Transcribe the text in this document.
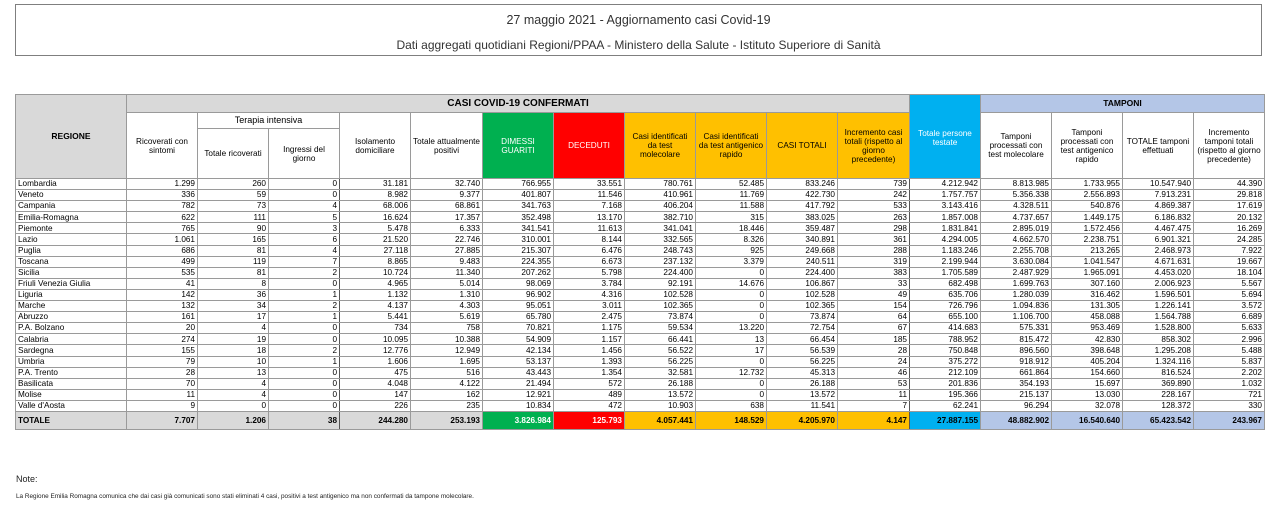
27 maggio 2021 - Aggiornamento casi Covid-19
Dati aggregati quotidiani Regioni/PPAA - Ministero della Salute - Istituto Superiore di Sanità
REGIONE	CASI COVID-19 CONFERMATI											Totale persone testate	TAMPONI			
	Ricoverati con sintomi	Terapia intensiva		Isolamento domiciliare	Totale attualmente positivi	DIMESSI GUARITI	DECEDUTI	Casi identificati da test molecolare	Casi identificati da test antigenico rapido	CASI TOTALI	Incremento casi totali (rispetto al giorno precedente)		Tamponi processati con test molecolare	Tamponi processati con test antigenico rapido	TOTALE tamponi effettuati	Incremento tamponi totali (rispetto al giorno precedente)
		Totale ricoverati	Ingressi del giorno													
Lombardia	1.299	260	0	31.181	32.740	766.955	33.551	780.761	52.485	833.246	739	4.212.942	8.813.985	1.733.955	10.547.940	44.390
Veneto	336	59	0	8.982	9.377	401.807	11.546	410.961	11.769	422.730	242	1.757.757	5.356.338	2.556.893	7.913.231	29.818
Campania	782	73	4	68.006	68.861	341.763	7.168	406.204	11.588	417.792	533	3.143.416	4.328.511	540.876	4.869.387	17.619
Emilia-Romagna	622	111	5	16.624	17.357	352.498	13.170	382.710	315	383.025	263	1.857.008	4.737.657	1.449.175	6.186.832	20.132
Piemonte	765	90	3	5.478	6.333	341.541	11.613	341.041	18.446	359.487	298	1.831.841	2.895.019	1.572.456	4.467.475	16.269
Lazio	1.061	165	6	21.520	22.746	310.001	8.144	332.565	8.326	340.891	361	4.294.005	4.662.570	2.238.751	6.901.321	24.285
Puglia	686	81	4	27.118	27.885	215.307	6.476	248.743	925	249.668	288	1.183.246	2.255.708	213.265	2.468.973	7.922
Toscana	499	119	7	8.865	9.483	224.355	6.673	237.132	3.379	240.511	319	2.199.944	3.630.084	1.041.547	4.671.631	19.667
Sicilia	535	81	2	10.724	11.340	207.262	5.798	224.400	0	224.400	383	1.705.589	2.487.929	1.965.091	4.453.020	18.104
Friuli Venezia Giulia	41	8	0	4.965	5.014	98.069	3.784	92.191	14.676	106.867	33	682.498	1.699.763	307.160	2.006.923	5.567
Liguria	142	36	1	1.132	1.310	96.902	4.316	102.528	0	102.528	49	635.706	1.280.039	316.462	1.596.501	5.694
Marche	132	34	2	4.137	4.303	95.051	3.011	102.365	0	102.365	154	726.796	1.094.836	131.305	1.226.141	3.572
Abruzzo	161	17	1	5.441	5.619	65.780	2.475	73.874	0	73.874	64	655.100	1.106.700	458.088	1.564.788	6.689
P.A. Bolzano	20	4	0	734	758	70.821	1.175	59.534	13.220	72.754	67	414.683	575.331	953.469	1.528.800	5.633
Calabria	274	19	0	10.095	10.388	54.909	1.157	66.441	13	66.454	185	788.952	815.472	42.830	858.302	2.996
Sardegna	155	18	2	12.776	12.949	42.134	1.456	56.522	17	56.539	28	750.848	896.560	398.648	1.295.208	5.488
Umbria	79	10	1	1.606	1.695	53.137	1.393	56.225	0	56.225	24	375.272	918.912	405.204	1.324.116	5.837
P.A. Trento	28	13	0	475	516	43.443	1.354	32.581	12.732	45.313	46	212.109	661.864	154.660	816.524	2.202
Basilicata	70	4	0	4.048	4.122	21.494	572	26.188	0	26.188	53	201.836	354.193	15.697	369.890	1.032
Molise	11	4	0	147	162	12.921	489	13.572	0	13.572	11	195.366	215.137	13.030	228.167	721
Valle d'Aosta	9	0	0	226	235	10.834	472	10.903	638	11.541	7	62.241	96.294	32.078	128.372	330
TOTALE	7.707	1.206	38	244.280	253.193	3.826.984	125.793	4.057.441	148.529	4.205.970	4.147	27.887.155	48.882.902	16.540.640	65.423.542	243.967
Note:
La Regione Emilia Romagna comunica che dai casi già comunicati sono stati eliminati 4 casi, positivi a test antigenico ma non confermati da tampone molecolare.
